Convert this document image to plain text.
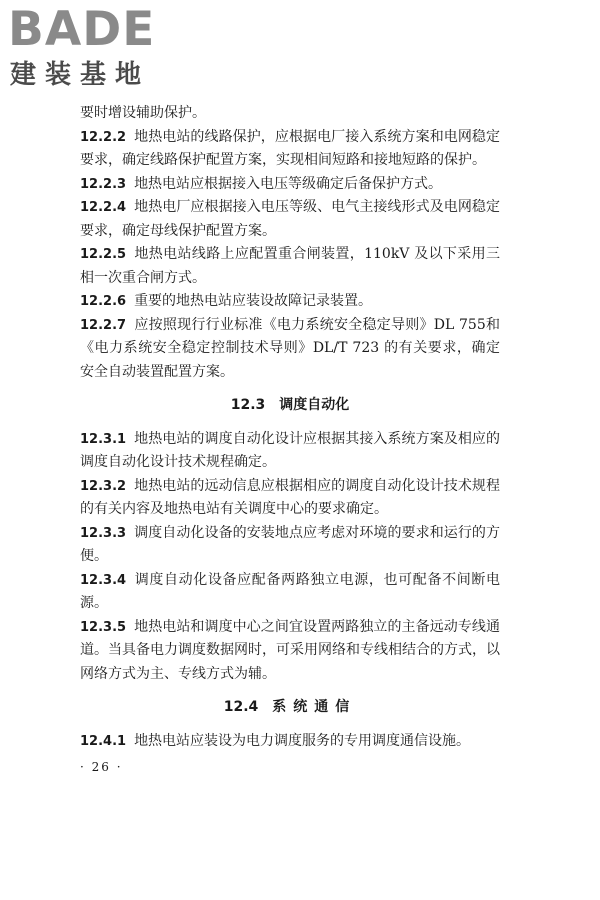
BADE
建装基地

要时增设辅助保护。

12.2.2 地热电站的线路保护，应根据电厂接入系统方案和电网稳定要求，确定线路保护配置方案，实现相间短路和接地短路的保护。

12.2.3 地热电站应根据接入电压等级确定后备保护方式。

12.2.4 地热电厂应根据接入电压等级、电气主接线形式及电网稳定要求，确定母线保护配置方案。

12.2.5 地热电站线路上应配置重合闸装置，110kV 及以下采用三相一次重合闸方式。

12.2.6 重要的地热电站应装设故障记录装置。

12.2.7 应按照现行行业标准《电力系统安全稳定导则》DL 755和《电力系统安全稳定控制技术导则》DL/T 723 的有关要求，确定安全自动装置配置方案。

12.3 调度自动化

12.3.1 地热电站的调度自动化设计应根据其接入系统方案及相应的调度自动化设计技术规程确定。

12.3.2 地热电站的远动信息应根据相应的调度自动化设计技术规程的有关内容及地热电站有关调度中心的要求确定。

12.3.3 调度自动化设备的安装地点应考虑对环境的要求和运行的方便。

12.3.4 调度自动化设备应配备两路独立电源，也可配备不间断电源。

12.3.5 地热电站和调度中心之间宜设置两路独立的主备远动专线通道。当具备电力调度数据网时，可采用网络和专线相结合的方式，以网络方式为主、专线方式为辅。

12.4 系统通信

12.4.1 地热电站应装设为电力调度服务的专用调度通信设施。

· 26 ·
